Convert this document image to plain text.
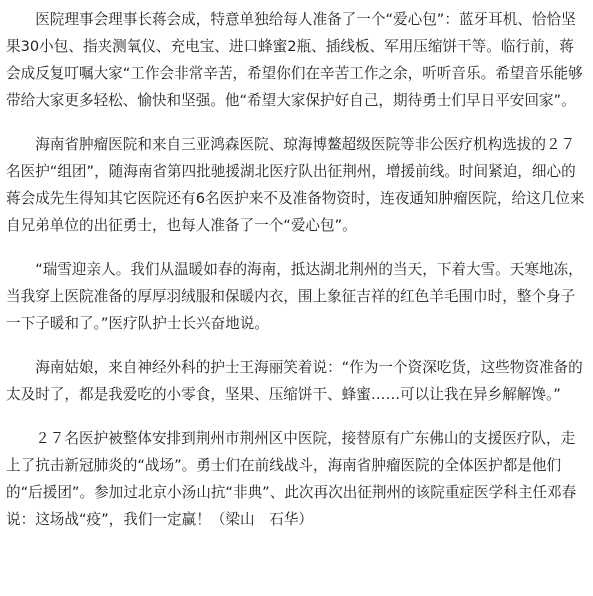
医院理事会理事长蒋会成，特意单独给每人准备了一个“爱心包”：蓝牙耳机、恰恰坚果30小包、指夹测氧仪、充电宝、进口蜂蜜2瓶、插线板、军用压缩饼干等。临行前，蒋会成反复叮嘱大家“工作会非常辛苦，希望你们在辛苦工作之余，听听音乐。希望音乐能够带给大家更多轻松、愉快和坚强。他“希望大家保护好自己，期待勇士们早日平安回家”。

海南省肿瘤医院和来自三亚鸿森医院、琼海博鳌超级医院等非公医疗机构选拔的２７名医护“组团”，随海南省第四批驰援湖北医疗队出征荆州，增援前线。时间紧迫，细心的蒋会成先生得知其它医院还有6名医护来不及准备物资时，连夜通知肿瘤医院，给这几位来自兄弟单位的出征勇士，也每人准备了一个“爱心包”。

“瑞雪迎亲人。我们从温暖如春的海南，抵达湖北荆州的当天，下着大雪。天寒地冻，当我穿上医院准备的厚厚羽绒服和保暖内衣，围上象征吉祥的红色羊毛围巾时，整个身子一下子暖和了。”医疗队护士长兴奋地说。

海南姑娘，来自神经外科的护士王海丽笑着说：“作为一个资深吃货，这些物资准备的太及时了，都是我爱吃的小零食，坚果、压缩饼干、蜂蜜……可以让我在异乡解解馋。”

２７名医护被整体安排到荆州市荆州区中医院，接替原有广东佛山的支援医疗队，走上了抗击新冠肺炎的“战场”。勇士们在前线战斗，海南省肿瘤医院的全体医护都是他们的“后援团”。参加过北京小汤山抗“非典”、此次再次出征荆州的该院重症医学科主任邓春说：这场战“疫”，我们一定赢！（梁山　石华）
